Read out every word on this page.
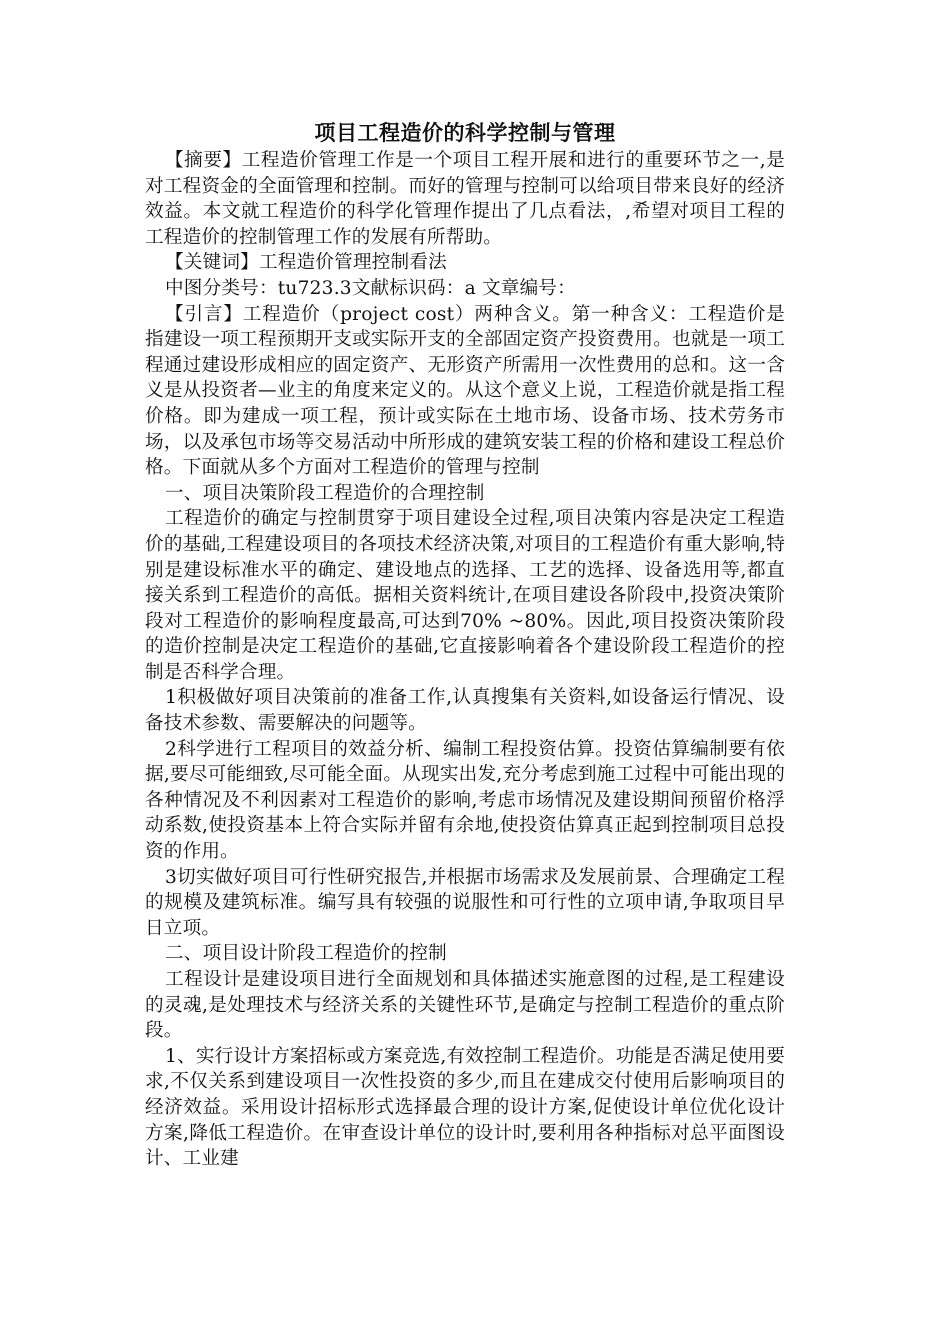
项目工程造价的科学控制与管理

【摘要】工程造价管理工作是一个项目工程开展和进行的重要环节之一,是对工程资金的全面管理和控制。而好的管理与控制可以给项目带来良好的经济效益。本文就工程造价的科学化管理作提出了几点看法，,希望对项目工程的工程造价的控制管理工作的发展有所帮助。

【关键词】工程造价管理控制看法

中图分类号：tu723.3文献标识码：a 文章编号：

【引言】工程造价（project cost）两种含义。第一种含义：工程造价是指建设一项工程预期开支或实际开支的全部固定资产投资费用。也就是一项工程通过建设形成相应的固定资产、无形资产所需用一次性费用的总和。这一含义是从投资者—业主的角度来定义的。从这个意义上说，工程造价就是指工程价格。即为建成一项工程，预计或实际在土地市场、设备市场、技术劳务市场，以及承包市场等交易活动中所形成的建筑安装工程的价格和建设工程总价格。下面就从多个方面对工程造价的管理与控制

一、项目决策阶段工程造价的合理控制

工程造价的确定与控制贯穿于项目建设全过程,项目决策内容是决定工程造价的基础,工程建设项目的各项技术经济决策,对项目的工程造价有重大影响,特别是建设标准水平的确定、建设地点的选择、工艺的选择、设备选用等,都直接关系到工程造价的高低。据相关资料统计,在项目建设各阶段中,投资决策阶段对工程造价的影响程度最高,可达到70% ~80%。因此,项目投资决策阶段的造价控制是决定工程造价的基础,它直接影响着各个建设阶段工程造价的控制是否科学合理。

1积极做好项目决策前的准备工作,认真搜集有关资料,如设备运行情况、设备技术参数、需要解决的问题等。

2科学进行工程项目的效益分析、编制工程投资估算。投资估算编制要有依据,要尽可能细致,尽可能全面。从现实出发,充分考虑到施工过程中可能出现的各种情况及不利因素对工程造价的影响,考虑市场情况及建设期间预留价格浮动系数,使投资基本上符合实际并留有余地,使投资估算真正起到控制项目总投资的作用。

3切实做好项目可行性研究报告,并根据市场需求及发展前景、合理确定工程的规模及建筑标准。编写具有较强的说服性和可行性的立项申请,争取项目早日立项。

二、项目设计阶段工程造价的控制

工程设计是建设项目进行全面规划和具体描述实施意图的过程,是工程建设的灵魂,是处理技术与经济关系的关键性环节,是确定与控制工程造价的重点阶段。

1、实行设计方案招标或方案竞选,有效控制工程造价。功能是否满足使用要求,不仅关系到建设项目一次性投资的多少,而且在建成交付使用后影响项目的经济效益。采用设计招标形式选择最合理的设计方案,促使设计单位优化设计方案,降低工程造价。在审查设计单位的设计时,要利用各种指标对总平面图设计、工业建
